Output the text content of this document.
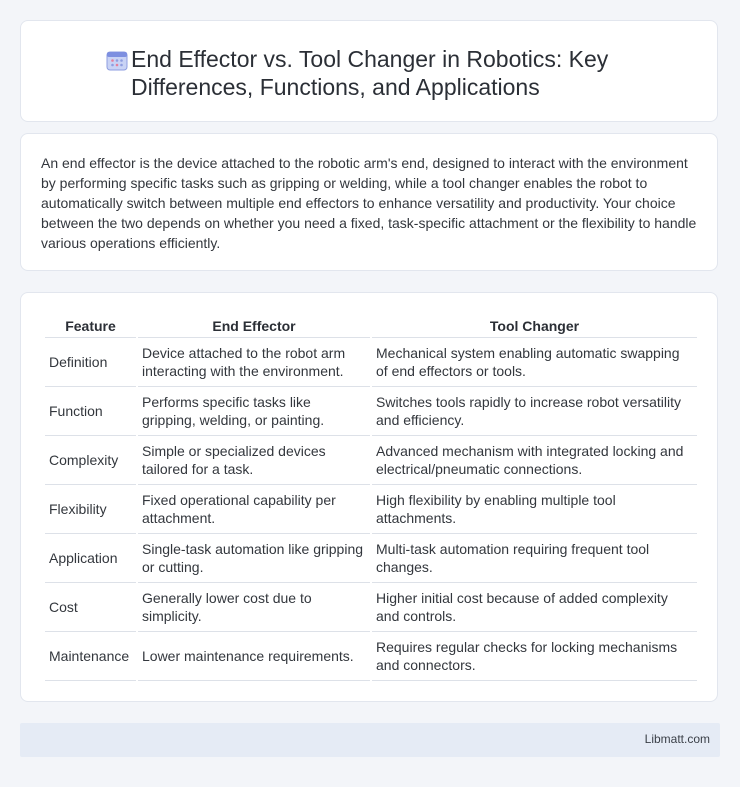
End Effector vs. Tool Changer in Robotics: Key
Differences, Functions, and Applications

An end effector is the device attached to the robotic arm's end, designed to interact with the environment by performing specific tasks such as gripping or welding, while a tool changer enables the robot to automatically switch between multiple end effectors to enhance versatility and productivity. Your choice between the two depends on whether you need a fixed, task-specific attachment or the flexibility to handle various operations efficiently.

Feature	End Effector	Tool Changer
Definition	Device attached to the robot arm interacting with the environment.	Mechanical system enabling automatic swapping of end effectors or tools.
Function	Performs specific tasks like gripping, welding, or painting.	Switches tools rapidly to increase robot versatility and efficiency.
Complexity	Simple or specialized devices tailored for a task.	Advanced mechanism with integrated locking and electrical/pneumatic connections.
Flexibility	Fixed operational capability per attachment.	High flexibility by enabling multiple tool attachments.
Application	Single-task automation like gripping or cutting.	Multi-task automation requiring frequent tool changes.
Cost	Generally lower cost due to simplicity.	Higher initial cost because of added complexity and controls.
Maintenance	Lower maintenance requirements.	Requires regular checks for locking mechanisms and connectors.
Libmatt.com
